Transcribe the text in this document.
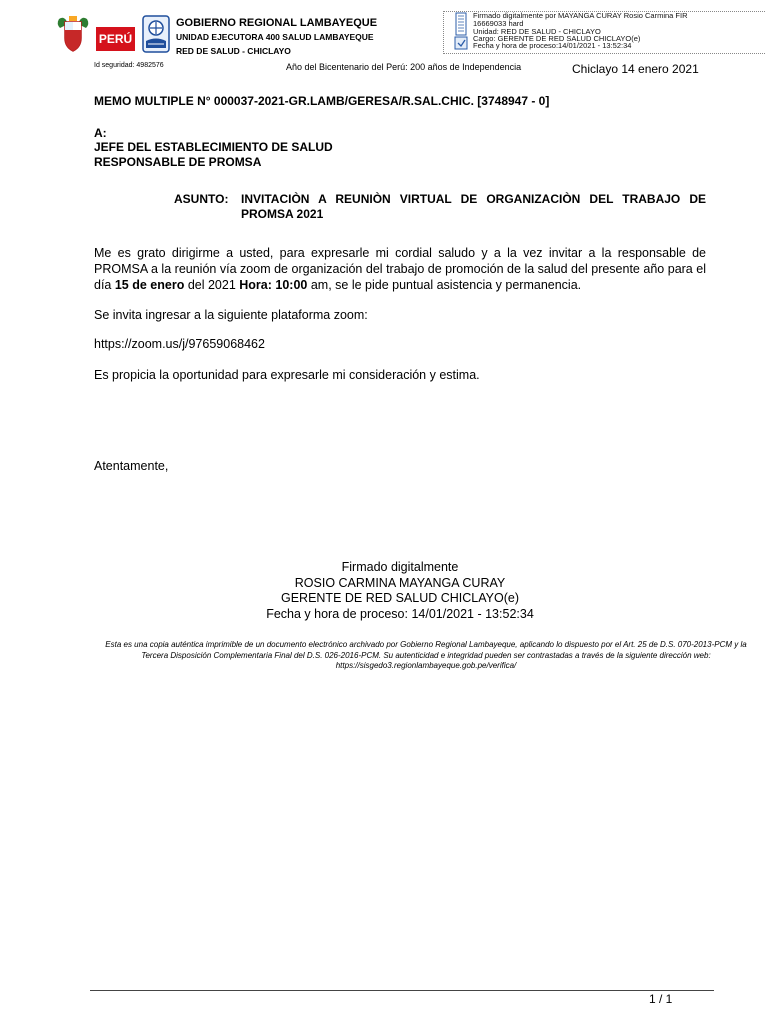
PERÚ
GOBIERNO REGIONAL LAMBAYEQUE
UNIDAD EJECUTORA 400 SALUD LAMBAYEQUE
RED DE SALUD - CHICLAYO
Firmado digitalmente por MAYANGA CURAY Rosio Carmina FIR
16669033 hard
Unidad: RED DE SALUD - CHICLAYO
Cargo: GERENTE DE RED SALUD CHICLAYO(e)
Fecha y hora de proceso:14/01/2021 - 13:52:34
Id seguridad: 4982576	Año del Bicentenario del Perú: 200 años de Independencia	Chiclayo 14 enero 2021
MEMO MULTIPLE N° 000037-2021-GR.LAMB/GERESA/R.SAL.CHIC. [3748947 - 0]
A:
JEFE DEL ESTABLECIMIENTO DE SALUD
RESPONSABLE DE PROMSA
ASUNTO: INVITACIÒN A REUNIÒN VIRTUAL DE ORGANIZACIÒN DEL TRABAJO DE PROMSA 2021
Me es grato dirigirme a usted, para expresarle mi cordial saludo y a la vez invitar a la responsable de PROMSA a la reunión vía zoom de organización del trabajo de promoción de la salud del presente año para el día 15 de enero del 2021 Hora: 10:00 am, se le pide puntual asistencia y permanencia.
Se invita ingresar a la siguiente plataforma zoom:
https://zoom.us/j/97659068462
Es propicia la oportunidad para expresarle mi consideración y estima.
Atentamente,
Firmado digitalmente
ROSIO CARMINA MAYANGA CURAY
GERENTE DE RED SALUD CHICLAYO(e)
Fecha y hora de proceso: 14/01/2021 - 13:52:34
Esta es una copia auténtica imprimible de un documento electrónico archivado por Gobierno Regional Lambayeque, aplicando lo dispuesto por el Art. 25 de D.S. 070-2013-PCM y la Tercera Disposición Complementaria Final del D.S. 026-2016-PCM. Su autenticidad e integridad pueden ser contrastadas a través de la siguiente dirección web: https://sisgedo3.regionlambayeque.gob.pe/verifica/
1 / 1
